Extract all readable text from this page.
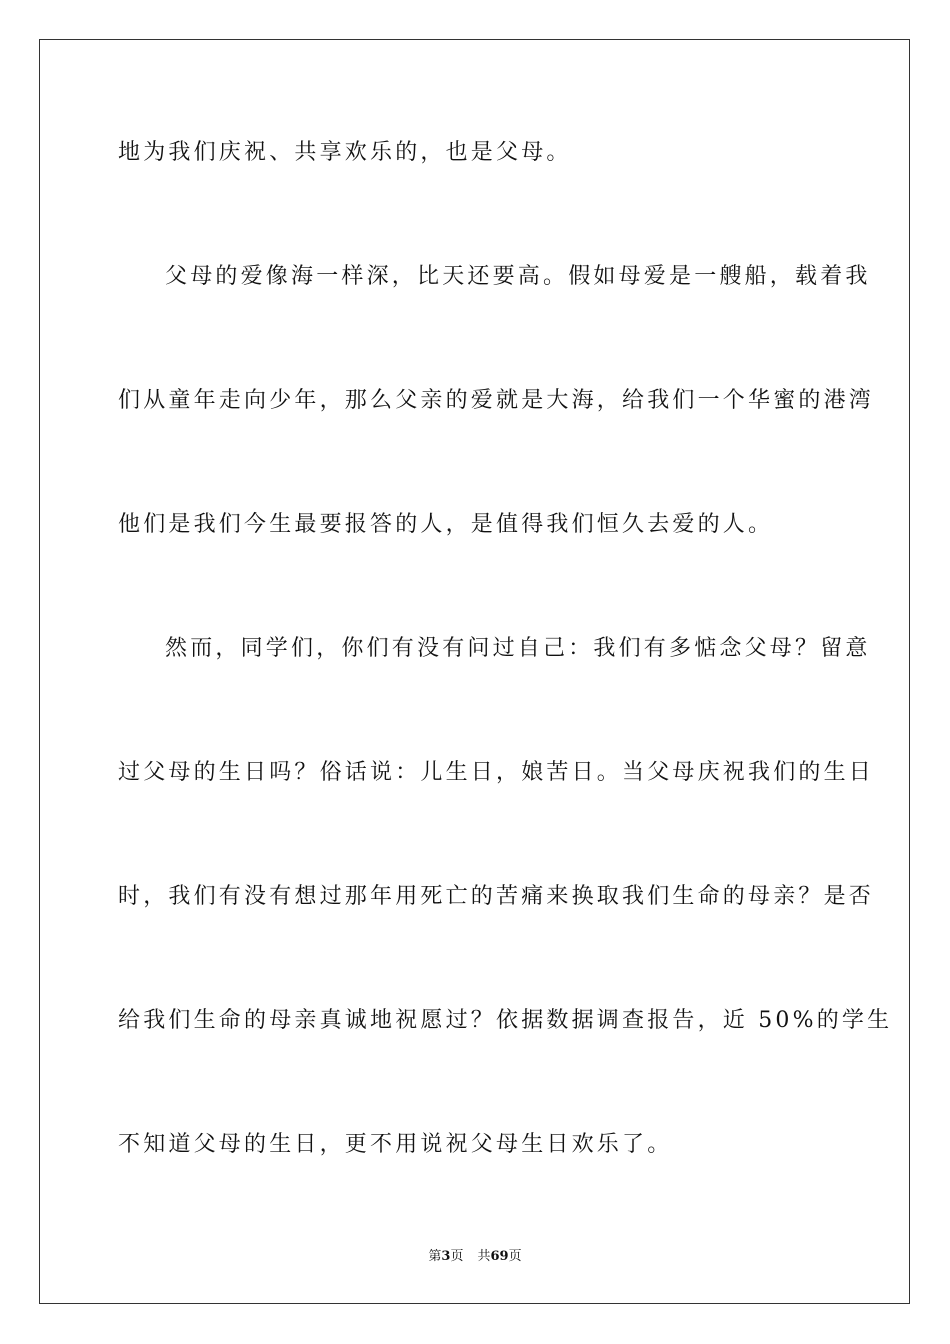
地为我们庆祝、共享欢乐的，也是父母。
父母的爱像海一样深，比天还要高。假如母爱是一艘船，载着我
们从童年走向少年，那么父亲的爱就是大海，给我们一个华蜜的港湾
他们是我们今生最要报答的人，是值得我们恒久去爱的人。
然而，同学们，你们有没有问过自己：我们有多惦念父母？留意
过父母的生日吗？俗话说：儿生日，娘苦日。当父母庆祝我们的生日
时，我们有没有想过那年用死亡的苦痛来换取我们生命的母亲？是否
给我们生命的母亲真诚地祝愿过？依据数据调查报告，近 50%的学生
不知道父母的生日，更不用说祝父母生日欢乐了。
第3页 共69页
